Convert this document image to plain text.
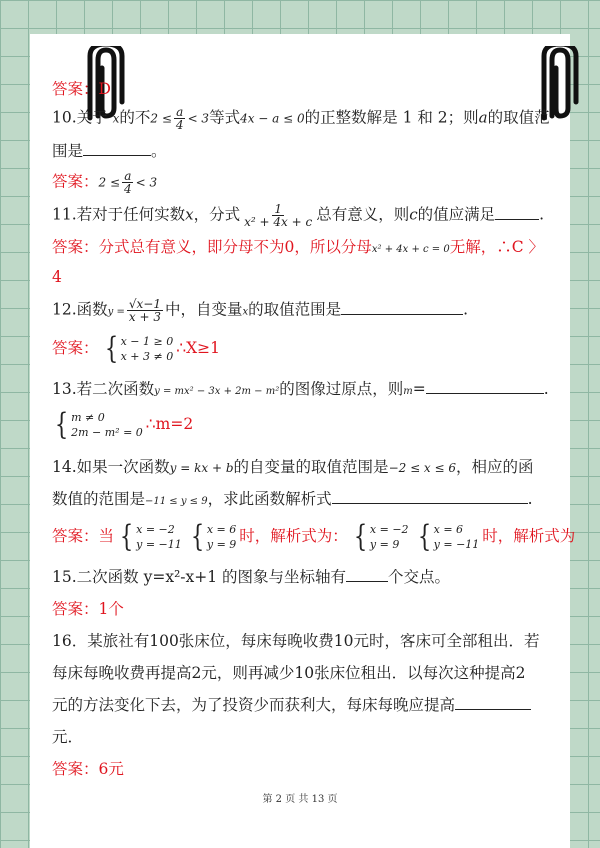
答案：D
10.关于 x的不$2 \le \frac{a}{4} < 3$等式4x − a ≤ 0的正整数解是 1 和 2；则a的取值范
围是	。
答案：$2 \le \frac{a}{4} < 3$
11.若对于任何实数x，分式 $\frac{1}{\text{x² + 4x + c}}$ 总有意义，则c的值应满足	.
答案：分式总有意义，即分母不为0，所以分母x² + 4x + c = 0无解，∴C 〉
4
12.函数$y = \frac{√x-1}{x + 3}$ 中，自变量x的取值范围是	.
答案： { x − 1 ≥ 0
x + 3 ≠ 0 ∴X≥1
13.若二次函数y = mx² − 3x + 2m − m²的图像过原点，则m=	.
{ m ≠ 0
2m − m² = 0 ∴m=2
14.如果一次函数y = kx + b的自变量的取值范围是−2 ≤ x ≤ 6，相应的函
数值的范围是−11 ≤ y ≤ 9，求此函数解析式	.
答案：当 { x = −2
y = −11 { x = 6
y = 9 时，解析式为： { x = −2
y = 9 { x = 6
y = −11 时，解析式为
15.二次函数 y=x²-x+1 的图象与坐标轴有	个交点。
答案：1个
16．某旅社有100张床位，每床每晚收费10元时，客床可全部租出．若
每床每晚收费再提高2元，则再减少10张床位租出．以每次这种提高2
元的方法变化下去，为了投资少而获利大，每床每晚应提高
元．
答案：6元
第 2 页 共 13 页
